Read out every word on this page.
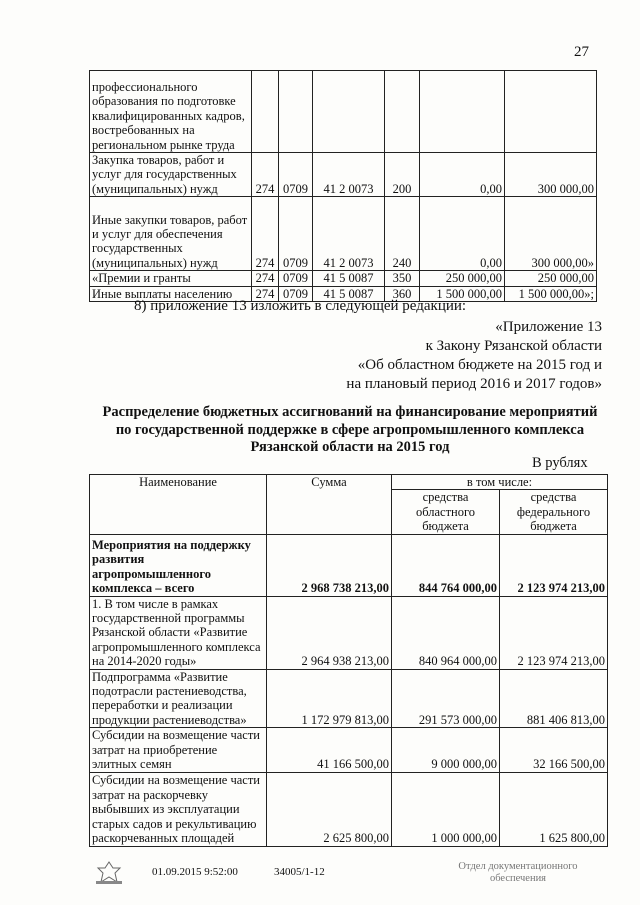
27
профессионального образования по подготовке квалифицированных кадров, востребованных на региональном рынке труда						
Закупка товаров, работ и услуг для государственных (муниципальных) нужд	274	0709	41 2 0073	200	0,00	300 000,00
Иные закупки товаров, работ и услуг для обеспечения государственных (муниципальных) нужд	274	0709	41 2 0073	240	0,00	300 000,00»
«Премии и гранты	274	0709	41 5 0087	350	250 000,00	250 000,00
Иные выплаты населению	274	0709	41 5 0087	360	1 500 000,00	1 500 000,00»;
8) приложение 13 изложить в следующей редакции:
«Приложение 13
к Закону Рязанской области
«Об областном бюджете на 2015 год и
на плановый период 2016 и 2017 годов»
Распределение бюджетных ассигнований на финансирование мероприятий
по государственной поддержке в сфере агропромышленного комплекса
Рязанской области на 2015 год
В рублях
Наименование	Сумма	в том числе:	
		средства областного бюджета	средства федерального бюджета
Мероприятия на поддержку развития агропромышленного комплекса – всего	2 968 738 213,00	844 764 000,00	2 123 974 213,00
1. В том числе в рамках государственной программы Рязанской области «Развитие агропромышленного комплекса на 2014-2020 годы»	2 964 938 213,00	840 964 000,00	2 123 974 213,00
Подпрограмма «Развитие подотрасли растениеводства, переработки и реализации продукции растениеводства»	1 172 979 813,00	291 573 000,00	881 406 813,00
Субсидии на возмещение части затрат на приобретение элитных семян	41 166 500,00	9 000 000,00	32 166 500,00
Субсидии на возмещение части затрат на раскорчевку выбывших из эксплуатации старых садов и рекультивацию раскорчеванных площадей	2 625 800,00	1 000 000,00	1 625 800,00
01.09.2015 9:52:00	34005/1-12	Отдел документационного
обеспечения
